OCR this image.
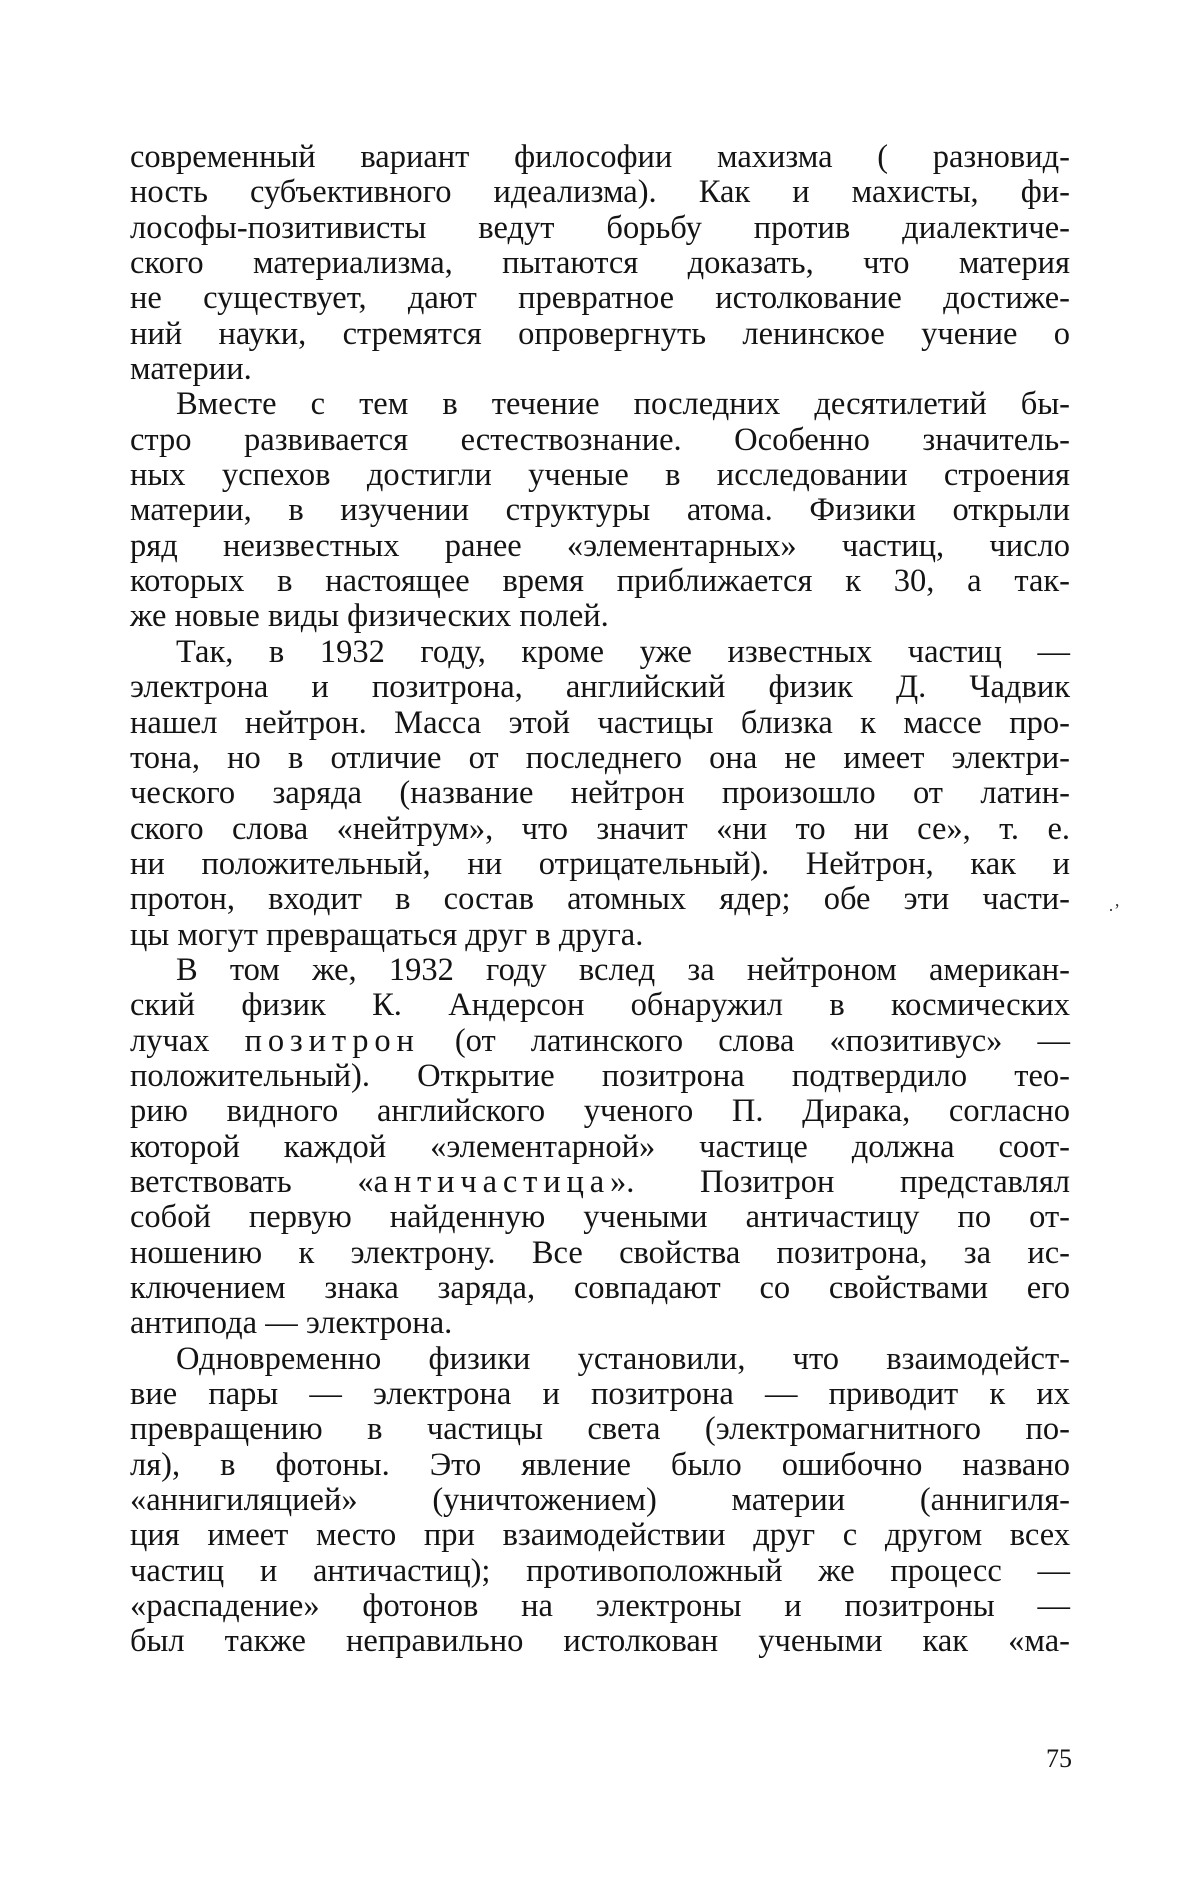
современный вариант философии махизма ( разновид-
ность субъективного идеализма). Как и махисты, фи-
лософы-позитивисты ведут борьбу против диалектиче-
ского материализма, пытаются доказать, что материя
не существует, дают превратное истолкование достиже-
ний науки, стремятся опровергнуть ленинское учение о
материи.
Вместе с тем в течение последних десятилетий бы-
стро развивается естествознание. Особенно значитель-
ных успехов достигли ученые в исследовании строения
материи, в изучении структуры атома. Физики открыли
ряд неизвестных ранее «элементарных» частиц, число
которых в настоящее время приближается к 30, а так-
же новые виды физических полей.
Так, в 1932 году, кроме уже известных частиц —
электрона и позитрона, английский физик Д. Чадвик
нашел нейтрон. Масса этой частицы близка к массе про-
тона, но в отличие от последнего она не имеет электри-
ческого заряда (название нейтрон произошло от латин-
ского слова «нейтрум», что значит «ни то ни се», т. е.
ни положительный, ни отрицательный). Нейтрон, как и
протон, входит в состав атомных ядер; обе эти части-
цы могут превращаться друг в друга.
В том же, 1932 году вслед за нейтроном американ-
ский физик К. Андерсон обнаружил в космических
лучах позитрон (от латинского слова «позитивус» —
положительный). Открытие позитрона подтвердило тео-
рию видного английского ученого П. Дирака, согласно
которой каждой «элементарной» частице должна соот-
ветствовать «античастица». Позитрон представлял
собой первую найденную учеными античастицу по от-
ношению к электрону. Все свойства позитрона, за ис-
ключением знака заряда, совпадают со свойствами его
антипода — электрона.
Одновременно физики установили, что взаимодейст-
вие пары — электрона и позитрона — приводит к их
превращению в частицы света (электромагнитного по-
ля), в фотоны. Это явление было ошибочно названо
«аннигиляцией» (уничтожением) материи (аннигиля-
ция имеет место при взаимодействии друг с другом всех
частиц и античастиц); противоположный же процесс —
«распадение» фотонов на электроны и позитроны —
был также неправильно истолкован учеными как «ма-
·ʼ
75
